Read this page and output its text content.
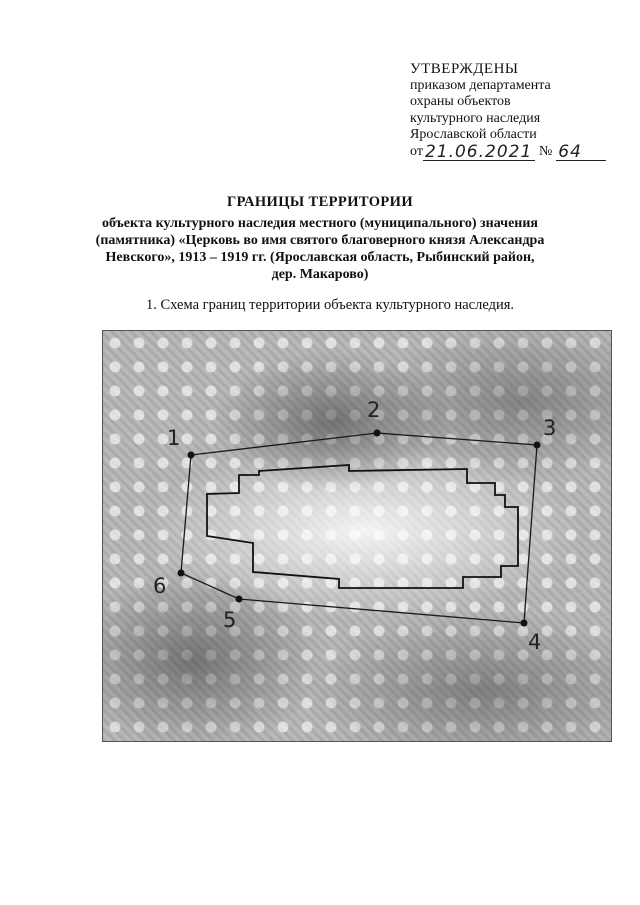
УТВЕРЖДЕНЫ
приказом департамента
охраны объектов
культурного наследия
Ярославской области
от 21.06.2021 № 64
ГРАНИЦЫ ТЕРРИТОРИИ
объекта культурного наследия местного (муниципального) значения
(памятника) «Церковь во имя святого благоверного князя Александра
Невского», 1913 – 1919 гг. (Ярославская область, Рыбинский район,
дер. Макарово)
1. Схема границ территории объекта культурного наследия.
1
2
3
4
5
6
